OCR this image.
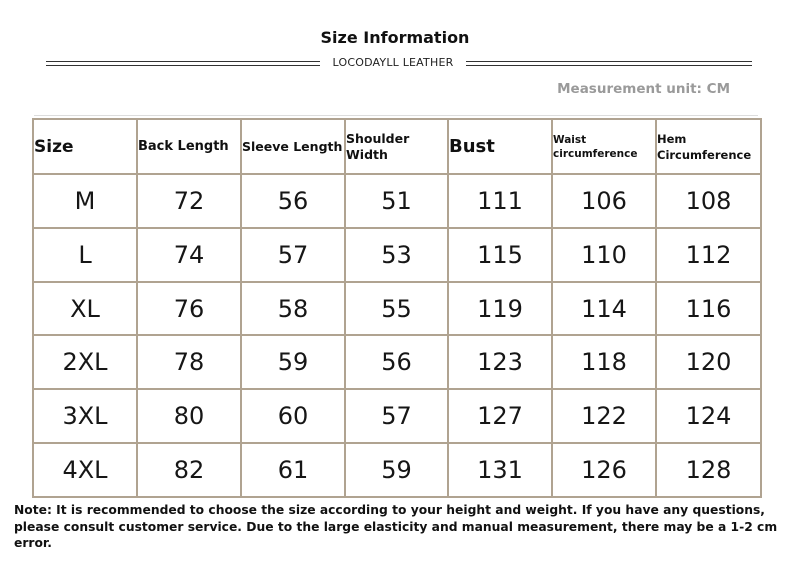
Size Information
LOCODAYLL LEATHER
Measurement unit: CM
Size	Back Length	Sleeve Length	Shoulder Width	Bust	Waist circumference	Hem Circumference
M	72	56	51	111	106	108
L	74	57	53	115	110	112
XL	76	58	55	119	114	116
2XL	78	59	56	123	118	120
3XL	80	60	57	127	122	124
4XL	82	61	59	131	126	128
Note: It is recommended to choose the size according to your height and weight. If you have any questions, please consult customer service. Due to the large elasticity and manual measurement, there may be a 1-2 cm error.
